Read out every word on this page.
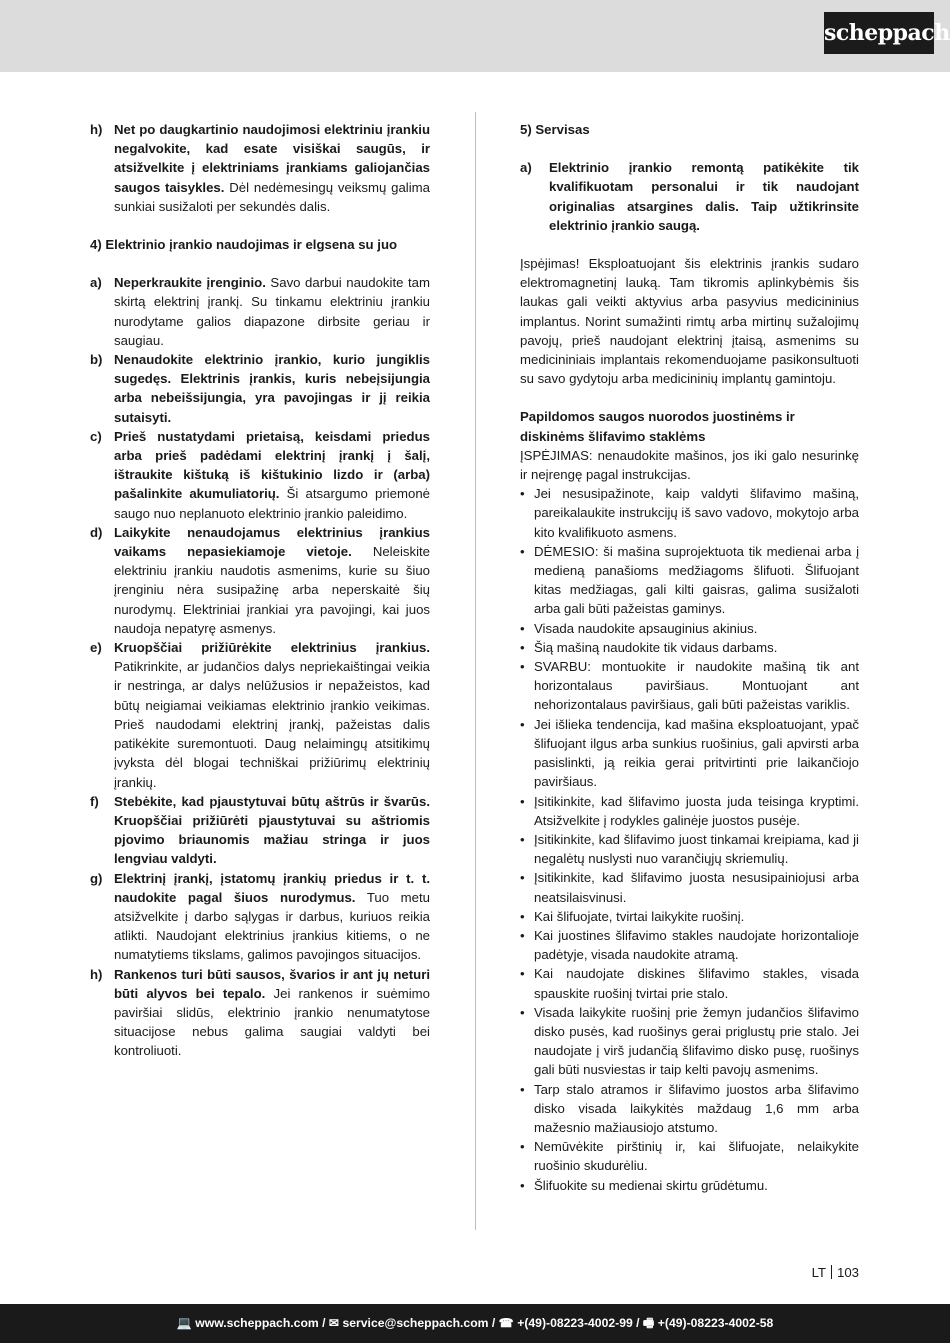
scheppach
h) Net po daugkartinio naudojimosi elektriniu įrankiu negalvokite, kad esate visiškai saugūs, ir atsižvelkite į elektriniams įrankiams galiojančias saugos taisykles. Dėl nedėmesingų veiksmų galima sunkiai susižaloti per sekundės dalis.
4) Elektrinio įrankio naudojimas ir elgsena su juo
a) Neperkraukite įrenginio. Savo darbui naudokite tam skirtą elektrinį įrankį. Su tinkamu elektriniu įrankiu nurodytame galios diapazone dirbsite geriau ir saugiau.
b) Nenaudokite elektrinio įrankio, kurio jungiklis sugedęs. Elektrinis įrankis, kuris nebeįsijungia arba nebeišsijungia, yra pavojingas ir jį reikia sutaisyti.
c) Prieš nustatydami prietaisą, keisdami priedus arba prieš padėdami elektrinį įrankį į šalį, ištraukite kištuką iš kištukinio lizdo ir (arba) pašalinkite akumuliatorių. Ši atsargumo priemonė saugo nuo neplanuoto elektrinio įrankio paleidimo.
d) Laikykite nenaudojamus elektrinius įrankius vaikams nepasiekiamoje vietoje. Neleiskite elektriniu įrankiu naudotis asmenims, kurie su šiuo įrenginiu nėra susipažinę arba neperskaitė šių nurodymų. Elektriniai įrankiai yra pavojingi, kai juos naudoja nepatyrę asmenys.
e) Kruopščiai prižiūrėkite elektrinius įrankius. Patikrinkite, ar judančios dalys nepriekaištingai veikia ir nestringa, ar dalys nelūžusios ir nepažeistos, kad būtų neigiamai veikiamas elektrinio įrankio veikimas. Prieš naudodami elektrinį įrankį, pažeistas dalis patikėkite suremontuoti. Daug nelaimingų atsitikimų įvyksta dėl blogai techniškai prižiūrimų elektrinių įrankių.
f)	Stebėkite, kad pjaustytuvai būtų aštrūs ir švarūs. Kruopščiai prižiūrėti pjaustytuvai su aštriomis pjovimo briaunomis mažiau stringa ir juos lengviau valdyti.
g) Elektrinį įrankį, įstatomų įrankių priedus ir t. t. naudokite pagal šiuos nurodymus. Tuo metu atsižvelkite į darbo sąlygas ir darbus, kuriuos reikia atlikti. Naudojant elektrinius įrankius kitiems, o ne numatytiems tikslams, galimos pavojingos situacijos.
h) Rankenos turi būti sausos, švarios ir ant jų neturi būti alyvos bei tepalo. Jei rankenos ir suėmimo paviršiai slidūs, elektrinio įrankio nenumatytose situacijose nebus galima saugiai valdyti bei kontroliuoti.
5) Servisas
a)	Elektrinio įrankio remontą patikėkite tik kvalifikuotam personalui ir tik naudojant originalias atsargines dalis. Taip užtikrinsite elektrinio įrankio saugą.
Įspėjimas! Eksploatuojant šis elektrinis įrankis sudaro elektromagnetinį lauką. Tam tikromis aplinkybėmis šis laukas gali veikti aktyvius arba pasyvius medicininius implantus. Norint sumažinti rimtų arba mirtinų sužalojimų pavojų, prieš naudojant elektrinį įtaisą, asmenims su medicininiais implantais rekomenduojame pasikonsultuoti su savo gydytoju arba medicininių implantų gamintoju.
Papildomos saugos nuorodos juostinėms ir diskinėms šlifavimo staklėms
ĮSPĖJIMAS: nenaudokite mašinos, jos iki galo nesurinkę ir neįrengę pagal instrukcijas.
• Jei nesusipažinote, kaip valdyti šlifavimo mašiną, pareikalaukite instrukcijų iš savo vadovo, mokytojo arba kito kvalifikuoto asmens.
• DĖMESIO: ši mašina suprojektuota tik medienai arba į medieną panašioms medžiagoms šlifuoti. Šlifuojant kitas medžiagas, gali kilti gaisras, galima susižaloti arba gali būti pažeistas gaminys.
• Visada naudokite apsauginius akinius.
• Šią mašiną naudokite tik vidaus darbams.
• SVARBU: montuokite ir naudokite mašiną tik ant horizontalaus paviršiaus. Montuojant ant nehorizontalaus paviršiaus, gali būti pažeistas variklis.
• Jei išlieka tendencija, kad mašina eksploatuojant, ypač šlifuojant ilgus arba sunkius ruošinius, gali apvirsti arba pasislinkti, ją reikia gerai pritvirtinti prie laikančiojo paviršiaus.
• Įsitikinkite, kad šlifavimo juosta juda teisinga kryptimi. Atsižvelkite į rodykles galinėje juostos pusėje.
• Įsitikinkite, kad šlifavimo juost tinkamai kreipiama, kad ji negalėtų nuslysti nuo varančiųjų skriemulių.
• Įsitikinkite, kad šlifavimo juosta nesusipainiojusi arba neatsilaisvinusi.
• Kai šlifuojate, tvirtai laikykite ruošinį.
• Kai juostines šlifavimo stakles naudojate horizontalioje padėtyje, visada naudokite atramą.
• Kai naudojate diskines šlifavimo stakles, visada spauskite ruošinį tvirtai prie stalo.
• Visada laikykite ruošinį prie žemyn judančios šlifavimo disko pusės, kad ruošinys gerai priglustų prie stalo. Jei naudojate į virš judančią šlifavimo disko pusę, ruošinys gali būti nusviestas ir taip kelti pavojų asmenims.
• Tarp stalo atramos ir šlifavimo juostos arba šlifavimo disko visada laikykitės maždaug 1,6 mm arba mažesnio mažiausiojo atstumo.
• Nemūvėkite pirštinių ir, kai šlifuojate, nelaikykite ruošinio skudurėliu.
• Šlifuokite su medienai skirtu grūdėtumu.
LT 103
💻 www.scheppach.com / ✉ service@scheppach.com / ☎ +(49)-08223-4002-99 / 🖷 +(49)-08223-4002-58
